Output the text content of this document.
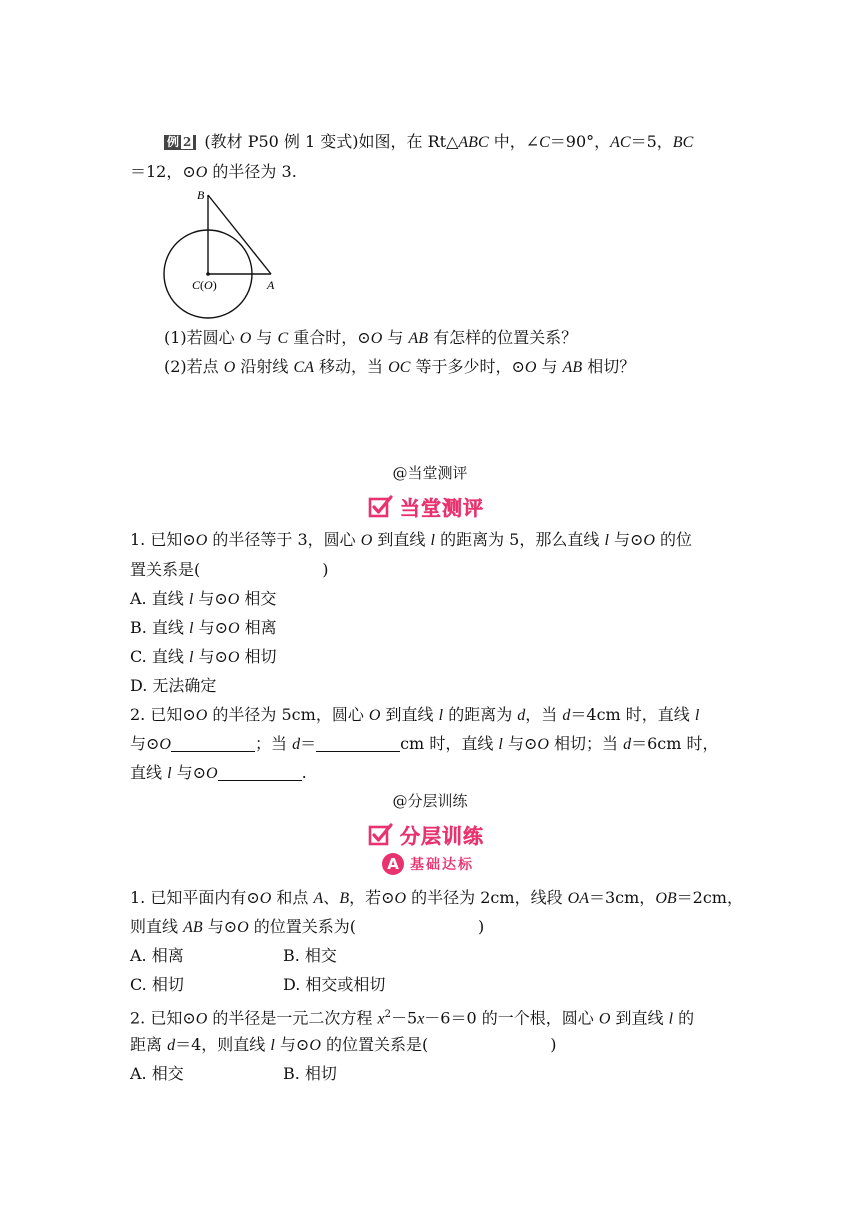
例 2 (教材 P50 例 1 变式)如图，在 Rt△ABC 中，∠C＝90°，AC＝5，BC
＝12，⊙O 的半径为 3.
B
C(O)	A
(1)若圆心 O 与 C 重合时，⊙O 与 AB 有怎样的位置关系？
(2)若点 O 沿射线 CA 移动，当 OC 等于多少时，⊙O 与 AB 相切？
@当堂测评
当堂测评
1. 已知⊙O 的半径等于 3，圆心 O 到直线 l 的距离为 5，那么直线 l 与⊙O 的位
置关系是(	)
A. 直线 l 与⊙O 相交
B. 直线 l 与⊙O 相离
C. 直线 l 与⊙O 相切
D. 无法确定
2. 已知⊙O 的半径为 5cm，圆心 O 到直线 l 的距离为 d，当 d＝4cm 时，直线 l
与⊙O	；当 d＝	cm 时，直线 l 与⊙O 相切；当 d＝6cm 时，
直线 l 与⊙O	.
@分层训练
分层训练
A 基础达标
1. 已知平面内有⊙O 和点 A、B，若⊙O 的半径为 2cm，线段 OA＝3cm，OB＝2cm，
则直线 AB 与⊙O 的位置关系为(	)
A. 相离	B. 相交
C. 相切	D. 相交或相切
2. 已知⊙O 的半径是一元二次方程 $x^2-5x-6=0$ 的一个根，圆心 O 到直线 l 的
距离 d＝4，则直线 l 与⊙O 的位置关系是(	)
A. 相交	B. 相切
